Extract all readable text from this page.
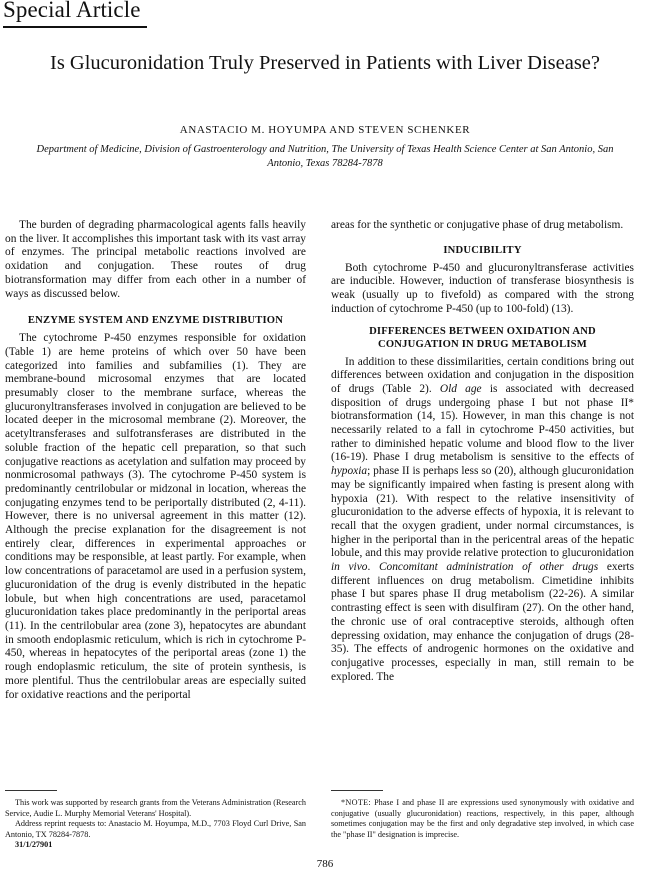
Special Article
Is Glucuronidation Truly Preserved in Patients with Liver Disease?
ANASTACIO M. HOYUMPA AND STEVEN SCHENKER
Department of Medicine, Division of Gastroenterology and Nutrition, The University of Texas Health Science Center at San Antonio, San Antonio, Texas 78284-7878

The burden of degrading pharmacological agents falls heavily on the liver. It accomplishes this important task with its vast array of enzymes. The principal metabolic reactions involved are oxidation and conjugation. These routes of drug biotransformation may differ from each other in a number of ways as discussed below.

ENZYME SYSTEM AND ENZYME DISTRIBUTION

The cytochrome P-450 enzymes responsible for oxidation (Table 1) are heme proteins of which over 50 have been categorized into families and subfamilies (1). They are membrane-bound microsomal enzymes that are located presumably closer to the membrane surface, whereas the glucuronyltransferases involved in conjugation are believed to be located deeper in the microsomal membrane (2). Moreover, the acetyltransferases and sulfotransferases are distributed in the soluble fraction of the hepatic cell preparation, so that such conjugative reactions as acetylation and sulfation may proceed by nonmicrosomal pathways (3). The cytochrome P-450 system is predominantly centrilobular or midzonal in location, whereas the conjugating enzymes tend to be periportally distributed (2, 4-11). However, there is no universal agreement in this matter (12). Although the precise explanation for the disagreement is not entirely clear, differences in experimental approaches or conditions may be responsible, at least partly. For example, when low concentrations of paracetamol are used in a perfusion system, glucuronidation of the drug is evenly distributed in the hepatic lobule, but when high concentrations are used, paracetamol glucuronidation takes place predominantly in the periportal areas (11). In the centrilobular area (zone 3), hepatocytes are abundant in smooth endoplasmic reticulum, which is rich in cytochrome P-450, whereas in hepatocytes of the periportal areas (zone 1) the rough endoplasmic reticulum, the site of protein synthesis, is more plentiful. Thus the centrilobular areas are especially suited for oxidative reactions and the periportal

areas for the synthetic or conjugative phase of drug metabolism.

INDUCIBILITY

Both cytochrome P-450 and glucuronyltransferase activities are inducible. However, induction of transferase biosynthesis is weak (usually up to fivefold) as compared with the strong induction of cytochrome P-450 (up to 100-fold) (13).

DIFFERENCES BETWEEN OXIDATION AND
CONJUGATION IN DRUG METABOLISM

In addition to these dissimilarities, certain conditions bring out differences between oxidation and conjugation in the disposition of drugs (Table 2). Old age is associated with decreased disposition of drugs undergoing phase I but not phase II* biotransformation (14, 15). However, in man this change is not necessarily related to a fall in cytochrome P-450 activities, but rather to diminished hepatic volume and blood flow to the liver (16-19). Phase I drug metabolism is sensitive to the effects of hypoxia; phase II is perhaps less so (20), although glucuronidation may be significantly impaired when fasting is present along with hypoxia (21). With respect to the relative insensitivity of glucuronidation to the adverse effects of hypoxia, it is relevant to recall that the oxygen gradient, under normal circumstances, is higher in the periportal than in the pericentral areas of the hepatic lobule, and this may provide relative protection to glucuronidation in vivo. Concomitant administration of other drugs exerts different influences on drug metabolism. Cimetidine inhibits phase I but spares phase II drug metabolism (22-26). A similar contrasting effect is seen with disulfiram (27). On the other hand, the chronic use of oral contraceptive steroids, although often depressing oxidation, may enhance the conjugation of drugs (28-35). The effects of androgenic hormones on the oxidative and conjugative processes, especially in man, still remain to be explored. The

This work was supported by research grants from the Veterans Administration (Research Service, Audie L. Murphy Memorial Veterans' Hospital).

Address reprint requests to: Anastacio M. Hoyumpa, M.D., 7703 Floyd Curl Drive, San Antonio, TX 78284-7878.

31/1/27901

*NOTE: Phase I and phase II are expressions used synonymously with oxidative and conjugative (usually glucuronidation) reactions, respectively, in this paper, although sometimes conjugation may be the first and only degradative step involved, in which case the "phase II" designation is imprecise.

786
